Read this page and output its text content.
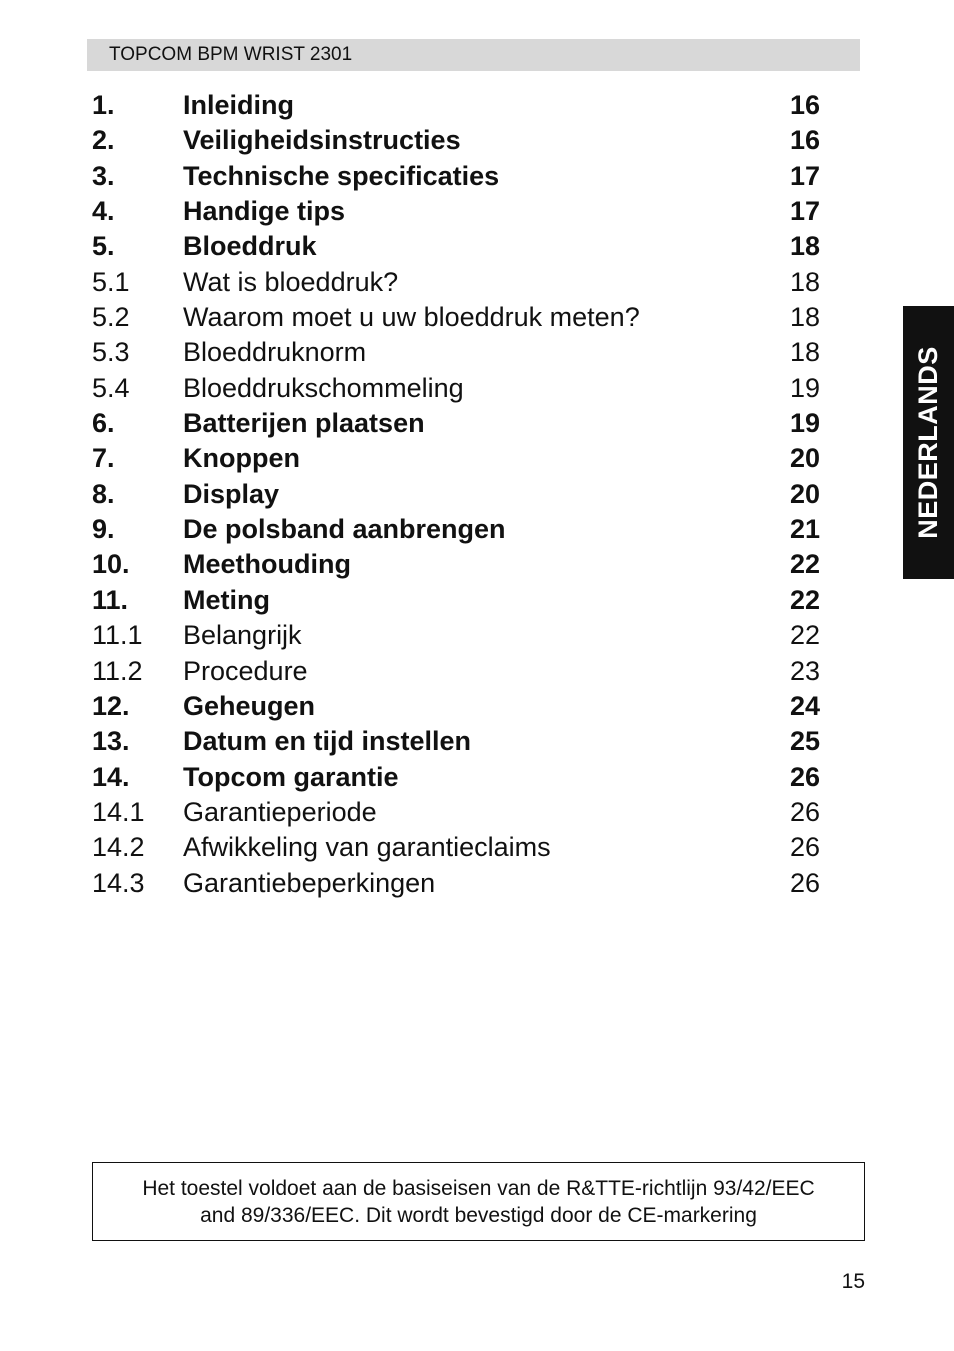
TOPCOM BPM WRIST 2301
1.	Inleiding	16
2.	Veiligheidsinstructies	16
3.	Technische specificaties	17
4.	Handige tips	17
5.	Bloeddruk	18
5.1 Wat is bloeddruk?	18
5.2 Waarom moet u uw bloeddruk meten?	18
5.3 Bloeddruknorm	18
5.4 Bloeddrukschommeling	19
6.	Batterijen plaatsen	19
7.	Knoppen	20
8.	Display	20
9.	De polsband aanbrengen	21
10. Meethouding	22
11. Meting	22
11.1 Belangrijk	22
11.2 Procedure	23
12. Geheugen	24
13. Datum en tijd instellen	25
14. Topcom garantie	26
14.1 Garantieperiode	26
14.2 Afwikkeling van garantieclaims	26
14.3 Garantiebeperkingen	26
NEDERLANDS
Het toestel voldoet aan de basiseisen van de R&TTE-richtlijn 93/42/EEC
and 89/336/EEC. Dit wordt bevestigd door de CE-markering
15
